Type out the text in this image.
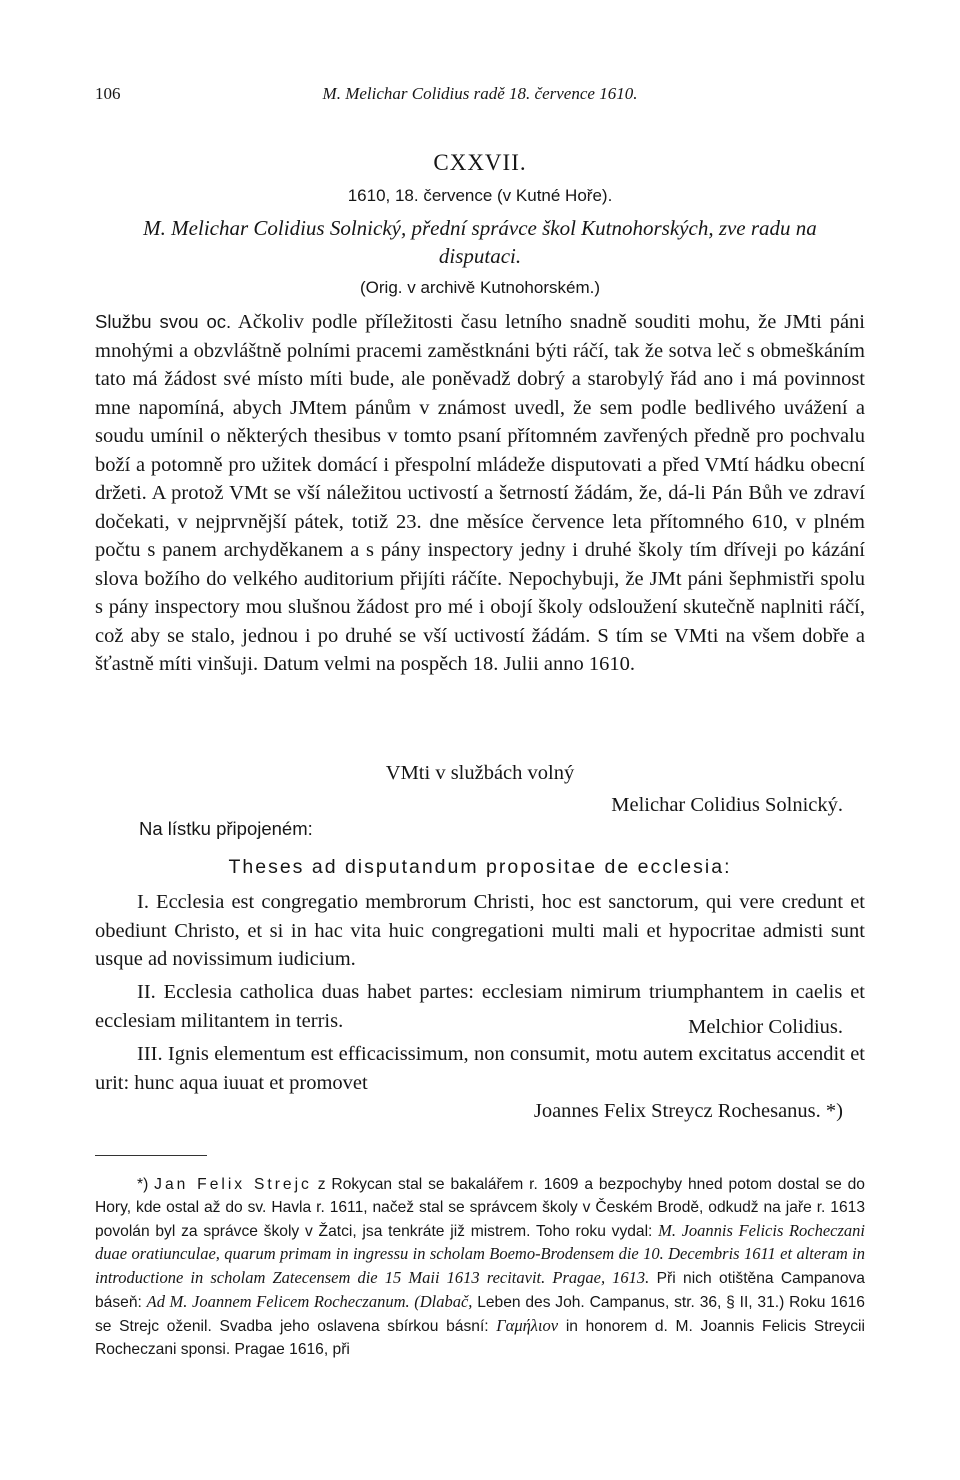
106	M. Melichar Colidius radě 18. července 1610.
CXXVII.
1610, 18. července (v Kutné Hoře).
M. Melichar Colidius Solnický, přední správce škol Kutnohorských, zve radu na disputaci.
(Orig. v archivě Kutnohorském.)

Službu svou oc. Ačkoliv podle příležitosti času letního snadně souditi mohu, že JMti páni mnohými a obzvláštně polními pracemi zaměstknáni býti ráčí, tak že sotva leč s obmeškáním tato má žádost své místo míti bude, ale poněvadž dobrý a starobylý řád ano i má povinnost mne napomíná, abych JMtem pánům v známost uvedl, že sem podle bedlivého uvážení a soudu umínil o některých thesibus v tomto psaní přítomném zavřených předně pro pochvalu boží a potomně pro užitek domácí i přespolní mládeže disputovati a před VMtí hádku obecní držeti. A protož VMt se vší náležitou uctivostí a šetrností žádám, že, dá-li Pán Bůh ve zdraví dočekati, v nejprvnější pátek, totiž 23. dne měsíce července leta přítomného 610, v plném počtu s panem archyděkanem a s pány inspectory jedny i druhé školy tím dříveji po kázání slova božího do velkého auditorium přijíti ráčíte. Nepochybuji, že JMt páni šephmistři spolu s pány inspectory mou slušnou žádost pro mé i obojí školy odsloužení skutečně naplniti ráčí, což aby se stalo, jednou i po druhé se vší uctivostí žádám. S tím se VMti na všem dobře a šťastně míti vinšuji. Datum velmi na pospěch 18. Julii anno 1610.

VMti v službách volný
Melichar Colidius Solnický.
Na lístku připojeném:
Theses ad disputandum propositae de ecclesia:

I. Ecclesia est congregatio membrorum Christi, hoc est sanctorum, qui vere credunt et obediunt Christo, et si in hac vita huic congregationi multi mali et hypocritae admisti sunt usque ad novissimum iudicium.

II. Ecclesia catholica duas habet partes: ecclesiam nimirum triumphantem in caelis et ecclesiam militantem in terris.	Melchior Colidius.

III. Ignis elementum est efficacissimum, non consumit, motu autem excitatus accendit et urit: hunc aqua iuuat et promovet

Joannes Felix Streycz Rochesanus. *)

*) Jan Felix Strejc z Rokycan stal se bakalářem r. 1609 a bezpochyby hned potom dostal se do Hory, kde ostal až do sv. Havla r. 1611, načež stal se správcem školy v Českém Brodě, odkudž na jaře r. 1613 povolán byl za správce školy v Žatci, jsa tenkráte již mistrem. Toho roku vydal: M. Joannis Felicis Rocheczani duae oratiunculae, quarum primam in ingressu in scholam Boemo-Brodensem die 10. Decembris 1611 et alteram in introductione in scholam Zatecensem die 15 Maii 1613 recitavit. Pragae, 1613. Při nich otištěna Campanova báseň: Ad M. Joannem Felicem Rocheczanum. (Dlabač, Leben des Joh. Campanus, str. 36, § II, 31.) Roku 1616 se Strejc oženil. Svadba jeho oslavena sbírkou básní: Γαμήλιον in honorem d. M. Joannis Felicis Streycii Rocheczani sponsi. Pragae 1616, při
